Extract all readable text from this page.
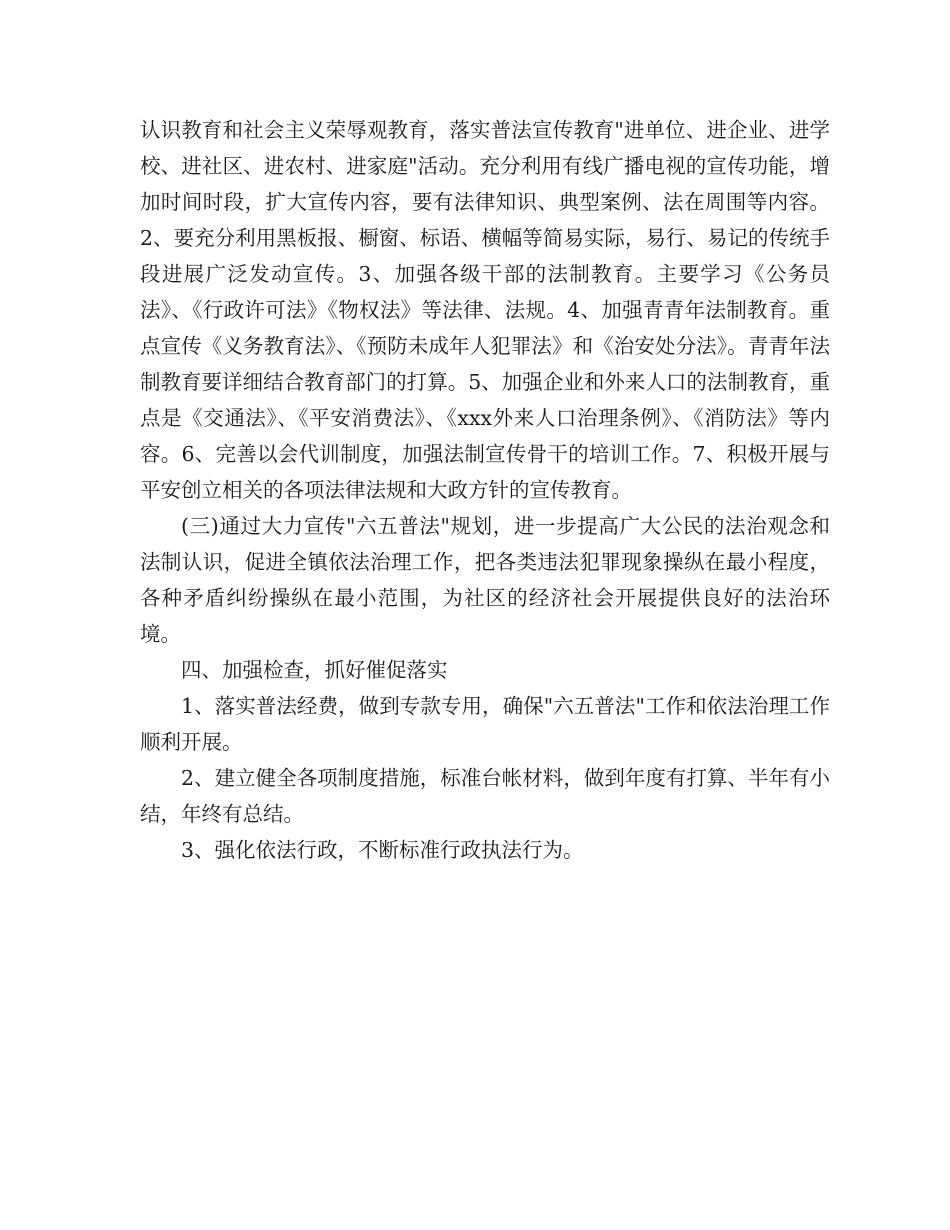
认识教育和社会主义荣辱观教育，落实普法宣传教育"进单位、进企业、进学校、进社区、进农村、进家庭"活动。充分利用有线广播电视的宣传功能，增加时间时段，扩大宣传内容，要有法律知识、典型案例、法在周围等内容。2、要充分利用黑板报、橱窗、标语、横幅等简易实际，易行、易记的传统手段进展广泛发动宣传。3、加强各级干部的法制教育。主要学习《公务员法》、《行政许可法》《物权法》等法律、法规。4、加强青青年法制教育。重点宣传《义务教育法》、《预防未成年人犯罪法》和《治安处分法》。青青年法制教育要详细结合教育部门的打算。5、加强企业和外来人口的法制教育，重点是《交通法》、《平安消费法》、《xxx外来人口治理条例》、《消防法》等内容。6、完善以会代训制度，加强法制宣传骨干的培训工作。7、积极开展与平安创立相关的各项法律法规和大政方针的宣传教育。

(三)通过大力宣传"六五普法"规划，进一步提高广大公民的法治观念和法制认识，促进全镇依法治理工作，把各类违法犯罪现象操纵在最小程度，各种矛盾纠纷操纵在最小范围，为社区的经济社会开展提供良好的法治环境。

四、加强检查，抓好催促落实

1、落实普法经费，做到专款专用，确保"六五普法"工作和依法治理工作顺利开展。

2、建立健全各项制度措施，标准台帐材料，做到年度有打算、半年有小结，年终有总结。

3、强化依法行政，不断标准行政执法行为。
